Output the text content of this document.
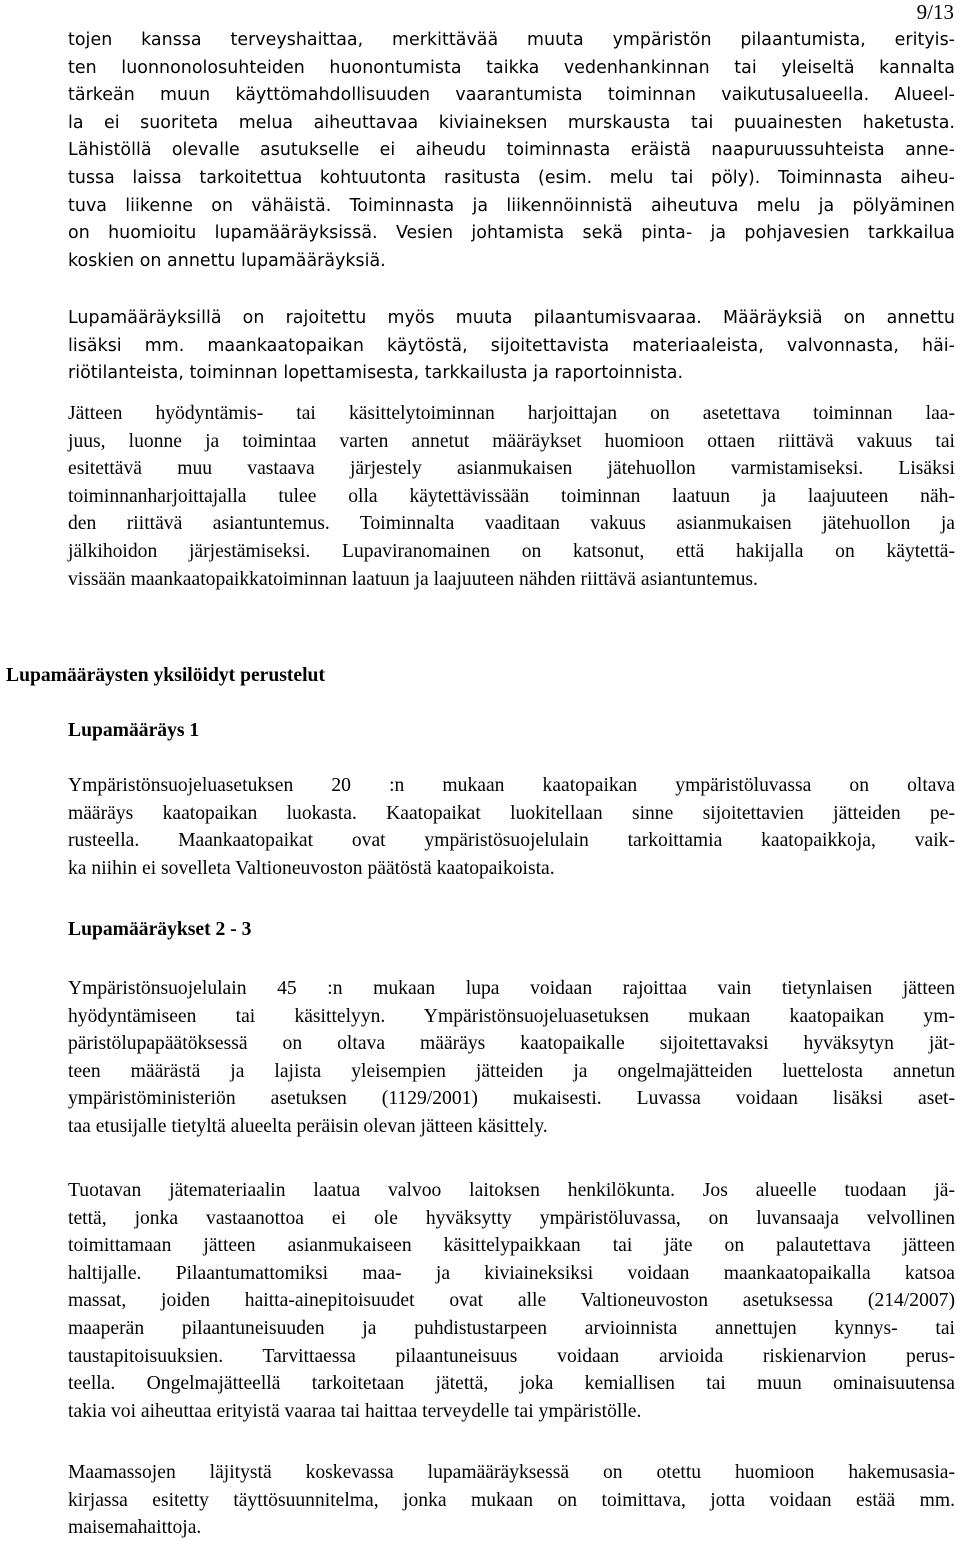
9/13

tojen kanssa terveyshaittaa, merkittävää muuta ympäristön pilaantumista, erityis-

ten luonnonolosuhteiden huonontumista taikka vedenhankinnan tai yleiseltä kannalta

tärkeän muun käyttömahdollisuuden vaarantumista toiminnan vaikutusalueella. Alueel-

la ei suoriteta melua aiheuttavaa kiviaineksen murskausta tai puuainesten haketusta.

Lähistöllä olevalle asutukselle ei aiheudu toiminnasta eräistä naapuruussuhteista anne-

tussa laissa tarkoitettua kohtuutonta rasitusta (esim. melu tai pöly). Toiminnasta aiheu-

tuva liikenne on vähäistä. Toiminnasta ja liikennöinnistä aiheutuva melu ja pölyäminen

on huomioitu lupamääräyksissä. Vesien johtamista sekä pinta- ja pohjavesien tarkkailua

koskien on annettu lupamääräyksiä.

Lupamääräyksillä on rajoitettu myös muuta pilaantumisvaaraa. Määräyksiä on annettu

lisäksi mm. maankaatopaikan käytöstä, sijoitettavista materiaaleista, valvonnasta, häi-

riötilanteista, toiminnan lopettamisesta, tarkkailusta ja raportoinnista.

Jätteen hyödyntämis- tai käsittelytoiminnan harjoittajan on asetettava toiminnan laa-

juus, luonne ja toimintaa varten annetut määräykset huomioon ottaen riittävä vakuus tai

esitettävä muu vastaava järjestely asianmukaisen jätehuollon varmistamiseksi. Lisäksi

toiminnanharjoittajalla tulee olla käytettävissään toiminnan laatuun ja laajuuteen näh-

den riittävä asiantuntemus. Toiminnalta vaaditaan vakuus asianmukaisen jätehuollon ja

jälkihoidon järjestämiseksi. Lupaviranomainen on katsonut, että hakijalla on käytettä-

vissään maankaatopaikkatoiminnan laatuun ja laajuuteen nähden riittävä asiantuntemus.

Lupamääräysten yksilöidyt perustelut
Lupamääräys 1

Ympäristönsuojeluasetuksen 20 :n mukaan kaatopaikan ympäristöluvassa on oltava

määräys kaatopaikan luokasta. Kaatopaikat luokitellaan sinne sijoitettavien jätteiden pe-

rusteella. Maankaatopaikat ovat ympäristösuojelulain tarkoittamia kaatopaikkoja, vaik-

ka niihin ei sovelleta Valtioneuvoston päätöstä kaatopaikoista.

Lupamääräykset 2 - 3

Ympäristönsuojelulain 45 :n mukaan lupa voidaan rajoittaa vain tietynlaisen jätteen

hyödyntämiseen tai käsittelyyn. Ympäristönsuojeluasetuksen mukaan kaatopaikan ym-

päristölupapäätöksessä on oltava määräys kaatopaikalle sijoitettavaksi hyväksytyn jät-

teen määrästä ja lajista yleisempien jätteiden ja ongelmajätteiden luettelosta annetun

ympäristöministeriön asetuksen (1129/2001) mukaisesti. Luvassa voidaan lisäksi aset-

taa etusijalle tietyltä alueelta peräisin olevan jätteen käsittely.

Tuotavan jätemateriaalin laatua valvoo laitoksen henkilökunta. Jos alueelle tuodaan jä-

tettä, jonka vastaanottoa ei ole hyväksytty ympäristöluvassa, on luvansaaja velvollinen

toimittamaan jätteen asianmukaiseen käsittelypaikkaan tai jäte on palautettava jätteen

haltijalle. Pilaantumattomiksi maa- ja kiviaineksiksi voidaan maankaatopaikalla katsoa

massat, joiden haitta-ainepitoisuudet ovat alle Valtioneuvoston asetuksessa (214/2007)

maaperän pilaantuneisuuden ja puhdistustarpeen arvioinnista annettujen kynnys- tai

taustapitoisuuksien. Tarvittaessa pilaantuneisuus voidaan arvioida riskienarvion perus-

teella. Ongelmajätteellä tarkoitetaan jätettä, joka kemiallisen tai muun ominaisuutensa

takia voi aiheuttaa erityistä vaaraa tai haittaa terveydelle tai ympäristölle.

Maamassojen läjitystä koskevassa lupamääräyksessä on otettu huomioon hakemusasia-

kirjassa esitetty täyttösuunnitelma, jonka mukaan on toimittava, jotta voidaan estää mm.

maisemahaittoja.
